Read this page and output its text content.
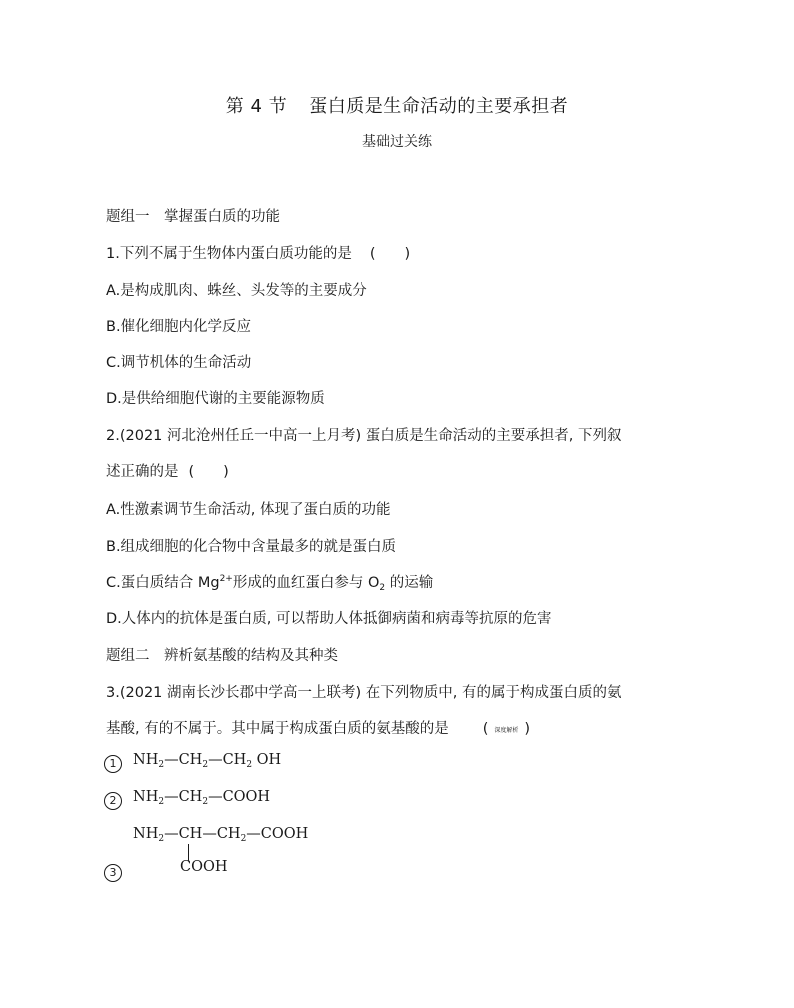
第 4 节 蛋白质是生命活动的主要承担者
基础过关练
题组一　掌握蛋白质的功能
1.下列不属于生物体内蛋白质功能的是 (　　)
A.是构成肌肉、蛛丝、头发等的主要成分
B.催化细胞内化学反应
C.调节机体的生命活动
D.是供给细胞代谢的主要能源物质
2.(2021 河北沧州任丘一中高一上月考) 蛋白质是生命活动的主要承担者, 下列叙
述正确的是 (　　)
A.性激素调节生命活动, 体现了蛋白质的功能
B.组成细胞的化合物中含量最多的就是蛋白质
C.蛋白质结合 $Mg^{2+}$形成的血红蛋白参与 $O_2$ 的运输
D.人体内的抗体是蛋白质, 可以帮助人体抵御病菌和病毒等抗原的危害
题组二　辨析氨基酸的结构及其种类
3.(2021 湖南长沙长郡中学高一上联考) 在下列物质中, 有的属于构成蛋白质的氨
基酸, 有的不属于。其中属于构成蛋白质的氨基酸的是 ( 深度解析 )
1	$NH_2—CH_2—CH_2$ OH
2	$NH_2—CH_2—COOH$
$NH_2—CH—CH_2—COOH$
3	COOH
